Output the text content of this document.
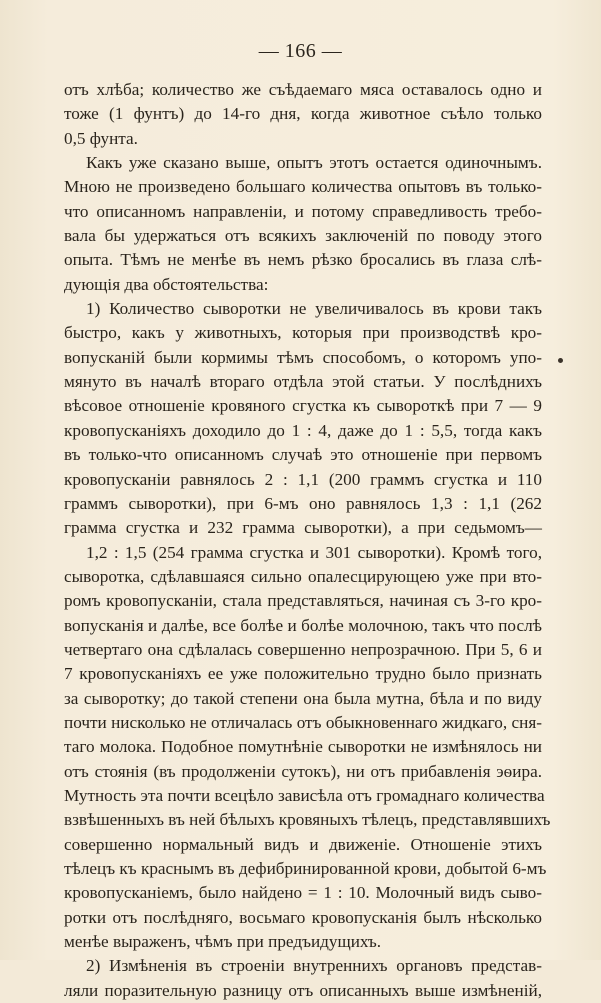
— 166 —
отъ хлѣба; количество же съѣдаемаго мяса оставалось одно и
тоже (1 фунтъ) до 14-го дня, когда животное съѣло только
0,5 фунта.
Какъ уже сказано выше, опытъ этотъ остается одиночнымъ.
Мною не произведено большаго количества опытовъ въ только-
что описанномъ направленіи, и потому справедливость требо-
вала бы удержаться отъ всякихъ заключеній по поводу этого
опыта. Тѣмъ не менѣе въ немъ рѣзко бросались въ глаза слѣ-
дующія два обстоятельства:
1) Количество сыворотки не увеличивалось въ крови такъ
быстро, какъ у животныхъ, которыя при производствѣ кро-
вопусканій были кормимы тѣмъ способомъ, о которомъ упо-
мянуто въ началѣ втораго отдѣла этой статьи. У послѣднихъ
вѣсовое отношеніе кровяного сгустка къ сывороткѣ при 7 — 9
кровопусканіяхъ доходило до 1 : 4, даже до 1 : 5,5, тогда какъ
въ только-что описанномъ случаѣ это отношеніе при первомъ
кровопусканіи равнялось 2 : 1,1 (200 граммъ сгустка и 110
граммъ сыворотки), при 6-мъ оно равнялось 1,3 : 1,1 (262
грамма сгустка и 232 грамма сыворотки), а при седьмомъ—
1,2 : 1,5 (254 грамма сгустка и 301 сыворотки). Кромѣ того,
сыворотка, сдѣлавшаяся сильно опалесцирующею уже при вто-
ромъ кровопусканіи, стала представляться, начиная съ 3-го кро-
вопусканія и далѣе, все болѣе и болѣе молочною, такъ что послѣ
четвертаго она сдѣлалась совершенно непрозрачною. При 5, 6 и
7 кровопусканіяхъ ее уже положительно трудно было признать
за сыворотку; до такой степени она была мутна, бѣла и по виду
почти нисколько не отличалась отъ обыкновеннаго жидкаго, сня-
таго молока. Подобное помутнѣніе сыворотки не измѣнялось ни
отъ стоянія (въ продолженіи сутокъ), ни отъ прибавленія эѳира.
Мутность эта почти всецѣло зависѣла отъ громаднаго количества
взвѣшенныхъ въ ней бѣлыхъ кровяныхъ тѣлецъ, представлявшихъ
совершенно нормальный видъ и движеніе. Отношеніе этихъ
тѣлецъ къ краснымъ въ дефибринированной крови, добытой 6-мъ
кровопусканіемъ, было найдено = 1 : 10. Молочный видъ сыво-
ротки отъ послѣдняго, восьмаго кровопусканія былъ нѣсколько
менѣе выраженъ, чѣмъ при предъидущихъ.
2) Измѣненія въ строеніи внутреннихъ органовъ представ-
ляли поразительную разницу отъ описанныхъ выше измѣненій,
